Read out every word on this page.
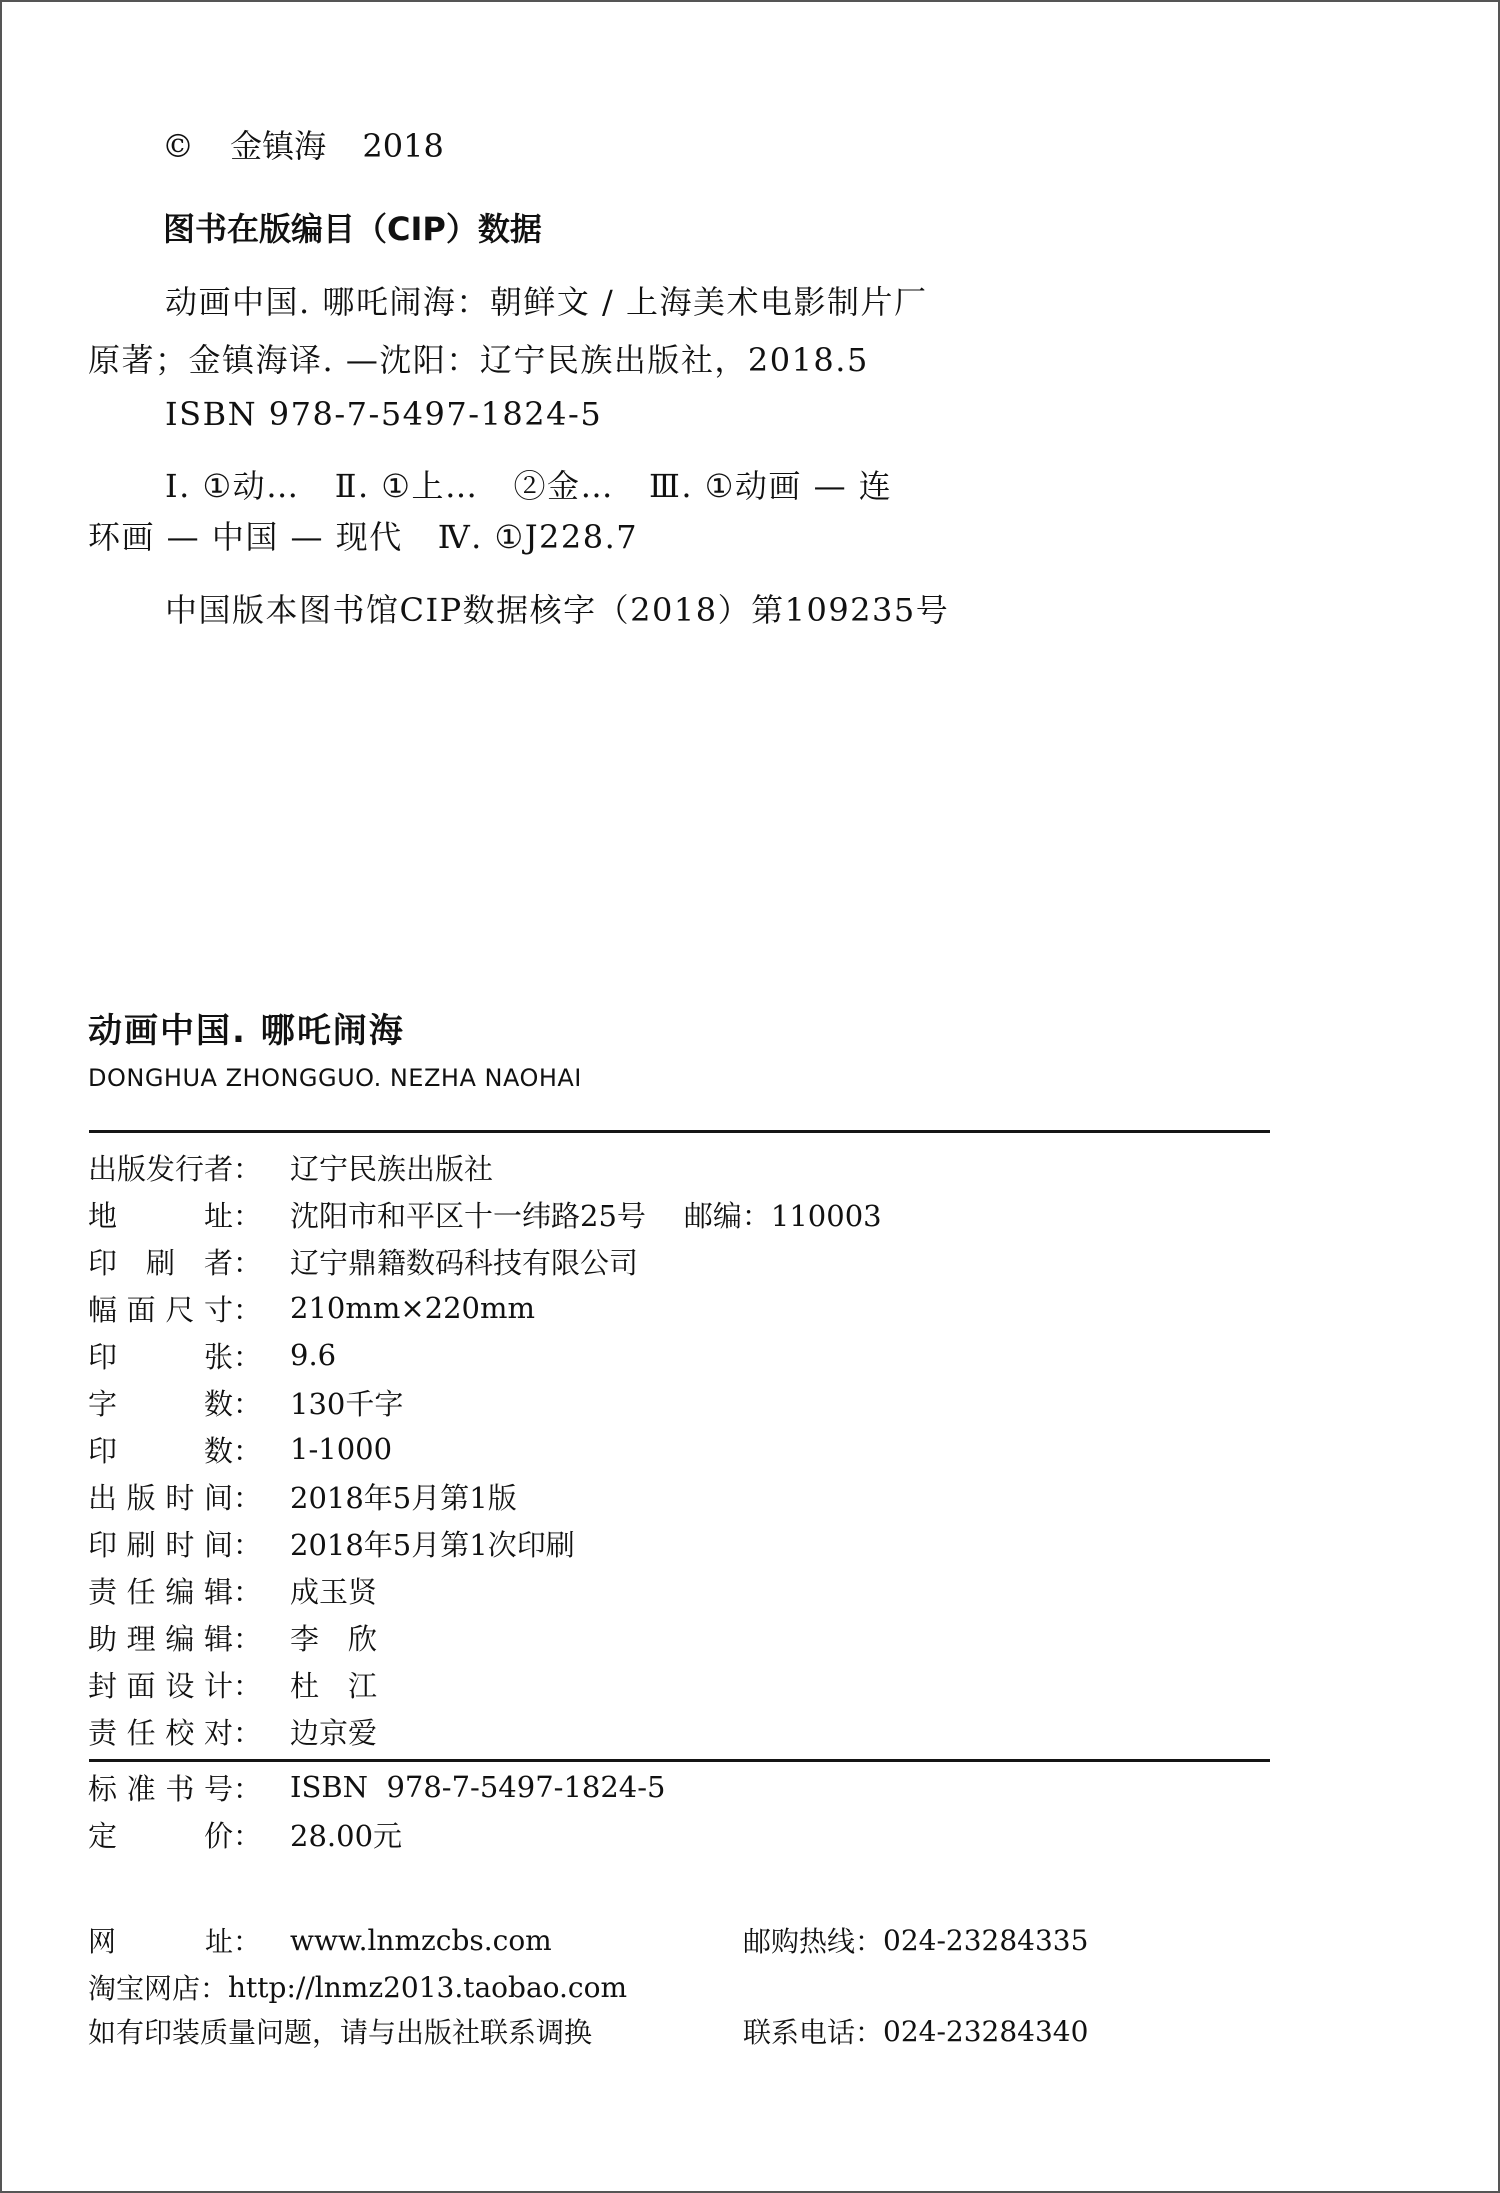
© 金镇海 2018
图书在版编目（CIP）数据
动画中国. 哪吒闹海：朝鲜文 / 上海美术电影制片厂
原著；金镇海译. —沈阳：辽宁民族出版社，2018.5
ISBN 978-7-5497-1824-5
Ⅰ. ①动…   Ⅱ. ①上…   ②金…   Ⅲ. ①动画 — 连
环画 — 中国 — 现代   Ⅳ. ①J228.7
中国版本图书馆CIP数据核字（2018）第109235号
动画中国. 哪吒闹海
DONGHUA ZHONGGUO. NEZHA NAOHAI
出 版 发 行 者 ： 辽宁民族出版社
地	址 ： 沈阳市和平区十一纬路25号 邮编：110003
印 刷 者 ： 辽宁鼎籍数码科技有限公司
幅 面 尺 寸 ： 210mm×220mm
印	张 ： 9.6
字	数 ： 130千字
印	数 ： 1-1000
出 版 时 间 ： 2018年5月第1版
印 刷 时 间 ： 2018年5月第1次印刷
责 任 编 辑 ： 成玉贤
助 理 编 辑 ： 李　欣
封 面 设 计 ： 杜　江
责 任 校 对 ： 边京爱
标 准 书 号 ： ISBN  978-7-5497-1824-5
定	价 ： 28.00元
网	址 ：	www.lnmzcbs.com	邮购热线： 024-23284335
淘宝网店： http://lnmz2013.taobao.com
如有印装质量问题，请与出版社联系调换	联系电话： 024-23284340
